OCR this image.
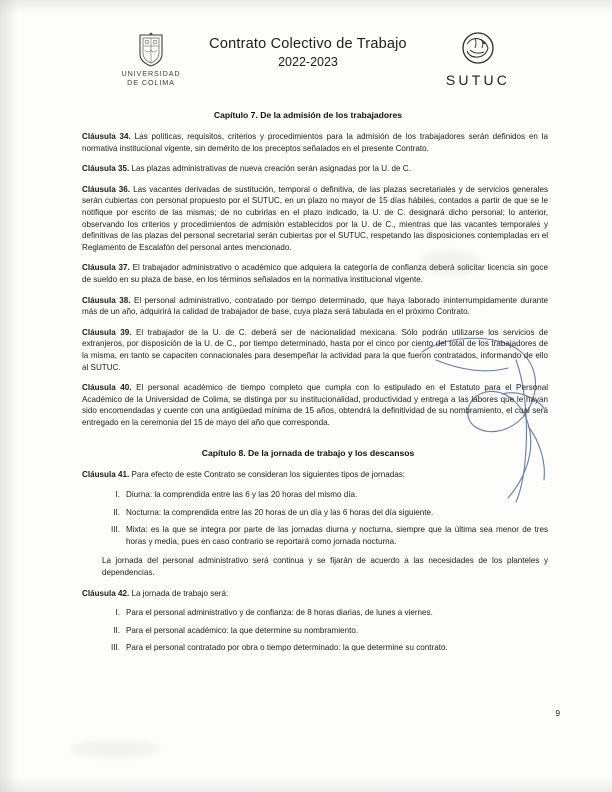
UNIVERSIDAD
DE COLIMA
Contrato Colectivo de Trabajo
2022-2023
SUTUC
Capítulo 7. De la admisión de los trabajadores

Cláusula 34. Las políticas, requisitos, criterios y procedimientos para la admisión de los trabajadores serán definidos en la normativa institucional vigente, sin demérito de los preceptos señalados en el presente Contrato.

Cláusula 35. Las plazas administrativas de nueva creación serán asignadas por la U. de C.

Cláusula 36. Las vacantes derivadas de sustitución, temporal o definitiva, de las plazas secretariales y de servicios generales serán cubiertas con personal propuesto por el SUTUC, en un plazo no mayor de 15 días hábiles, contados a partir de que se le notifique por escrito de las mismas; de no cubrirlas en el plazo indicado, la U. de C. designará dicho personal; lo anterior, observando los criterios y procedimientos de admisión establecidos por la U. de C., mientras que las vacantes temporales y definitivas de las plazas del personal secretarial serán cubiertas por el SUTUC, respetando las disposiciones contempladas en el Reglamento de Escalafón del personal antes mencionado.

Cláusula 37. El trabajador administrativo o académico que adquiera la categoría de confianza deberá solicitar licencia sin goce de sueldo en su plaza de base, en los términos señalados en la normativa institucional vigente.

Cláusula 38. El personal administrativo, contratado por tiempo determinado, que haya laborado ininterrumpidamente durante más de un año, adquirirá la calidad de trabajador de base, cuya plaza será tabulada en el próximo Contrato.

Cláusula 39. El trabajador de la U. de C. deberá ser de nacionalidad mexicana. Sólo podrán utilizarse los servicios de extranjeros, por disposición de la U. de C., por tiempo determinado, hasta por el cinco por ciento del total de los trabajadores de la misma, en tanto se capaciten connacionales para desempeñar la actividad para la que fueron contratados, informando de ello al SUTUC.

Cláusula 40. El personal académico de tiempo completo que cumpla con lo estipulado en el Estatuto para el Personal Académico de la Universidad de Colima, se distinga por su institucionalidad, productividad y entrega a las labores que le hayan sido encomendadas y cuente con una antigüedad mínima de 15 años, obtendrá la definitividad de su nombramiento, el cual será entregado en la ceremonia del 15 de mayo del año que corresponda.

Capítulo 8. De la jornada de trabajo y los descansos

Cláusula 41. Para efecto de este Contrato se consideran los siguientes tipos de jornadas:

I. Diurna: la comprendida entre las 6 y las 20 horas del mismo día.
II. Nocturna: la comprendida entre las 20 horas de un día y las 6 horas del día siguiente.
III. Mixta: es la que se integra por parte de las jornadas diurna y nocturna, siempre que la última sea menor de tres horas y media, pues en caso contrario se reportará como jornada nocturna.

La jornada del personal administrativo será continua y se fijarán de acuerdo a las necesidades de los planteles y dependencias.

Cláusula 42. La jornada de trabajo será:

I. Para el personal administrativo y de confianza: de 8 horas diarias, de lunes a viernes.
II. Para el personal académico: la que determine su nombramiento.
III. Para el personal contratado por obra o tiempo determinado: la que determine su contrato.
9
